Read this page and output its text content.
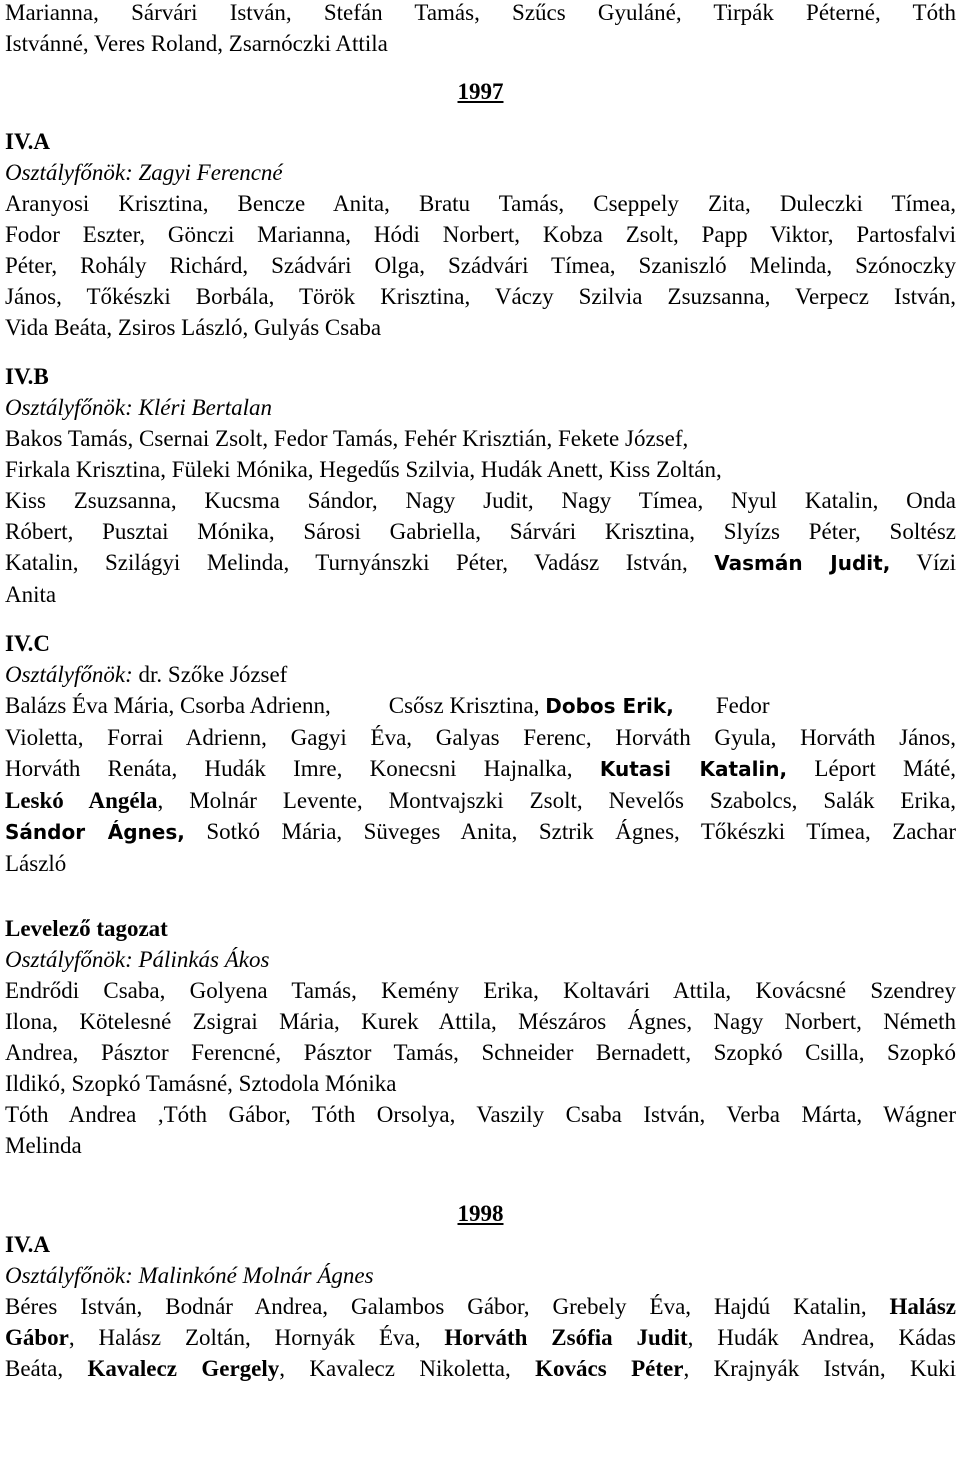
Marianna, Sárvári István, Stefán Tamás, Szűcs Gyuláné, Tirpák Péterné, Tóth
Istvánné, Veres Roland, Zsarnóczki Attila
1997
IV.A
Osztályfőnök: Zagyi Ferencné
Aranyosi Krisztina, Bencze Anita, Bratu Tamás, Cseppely Zita, Duleczki Tímea,
Fodor Eszter, Gönczi Marianna, Hódi Norbert, Kobza Zsolt, Papp Viktor, Partosfalvi
Péter, Rohály Richárd, Szádvári Olga, Szádvári Tímea, Szaniszló Melinda, Szónoczky
János, Tőkészki Borbála, Török Krisztina, Váczy Szilvia Zsuzsanna, Verpecz István,
Vida Beáta, Zsiros László, Gulyás Csaba
IV.B
Osztályfőnök: Kléri Bertalan
Bakos Tamás, Csernai Zsolt, Fedor Tamás, Fehér Krisztián, Fekete József,
Firkala Krisztina, Füleki Mónika, Hegedűs Szilvia, Hudák Anett, Kiss Zoltán,
Kiss Zsuzsanna, Kucsma Sándor, Nagy Judit, Nagy Tímea, Nyul Katalin, Onda
Róbert, Pusztai Mónika, Sárosi Gabriella, Sárvári Krisztina, Slyízs Péter, Soltész
Katalin, Szilágyi Melinda, Turnyánszki Péter, Vadász István, Vasmán Judit, Vízi
Anita
IV.C
Osztályfőnök: dr. Szőke József
Balázs Éva Mária, Csorba Adrienn,	Csősz Krisztina, Dobos Erik, Fedor
Violetta, Forrai Adrienn, Gagyi Éva, Galyas Ferenc, Horváth Gyula, Horváth János,
Horváth Renáta, Hudák Imre, Konecsni Hajnalka, Kutasi Katalin, Léport Máté,
Leskó Angéla, Molnár Levente, Montvajszki Zsolt, Nevelős Szabolcs, Salák Erika,
Sándor Ágnes, Sotkó Mária, Süveges Anita, Sztrik Ágnes, Tőkészki Tímea, Zachar
László
Levelező tagozat
Osztályfőnök: Pálinkás Ákos
Endrődi Csaba, Golyena Tamás, Kemény Erika, Koltavári Attila, Kovácsné Szendrey
Ilona, Kötelesné Zsigrai Mária, Kurek Attila, Mészáros Ágnes, Nagy Norbert, Németh
Andrea, Pásztor Ferencné, Pásztor Tamás, Schneider Bernadett, Szopkó Csilla, Szopkó
Ildikó, Szopkó Tamásné, Sztodola Mónika
Tóth Andrea ,Tóth Gábor, Tóth Orsolya, Vaszily Csaba István, Verba Márta, Wágner
Melinda
1998
IV.A
Osztályfőnök: Malinkóné Molnár Ágnes
Béres István, Bodnár Andrea, Galambos Gábor, Grebely Éva, Hajdú Katalin, Halász
Gábor, Halász Zoltán, Hornyák Éva, Horváth Zsófia Judit, Hudák Andrea, Kádas
Beáta, Kavalecz Gergely, Kavalecz Nikoletta, Kovács Péter, Krajnyák István, Kuki
